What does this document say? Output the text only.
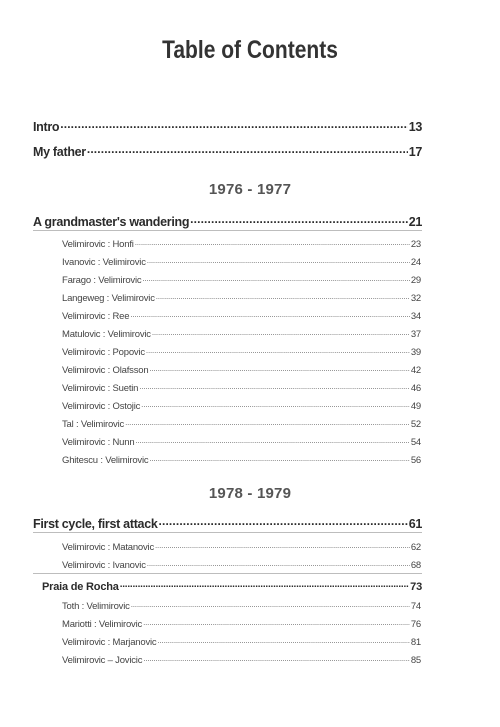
Table of Contents
Intro . . .	13
My father . . .	17
1976 - 1977
A grandmaster's wandering . . .	21
Velimirovic : Honfi . . .	23
Ivanovic : Velimirovic . . .	24
Farago : Velimirovic . . .	29
Langeweg : Velimirovic . . .	32
Velimirovic : Ree . . .	34
Matulovic : Velimirovic . . .	37
Velimirovic : Popovic . . .	39
Velimirovic : Olafsson . . .	42
Velimirovic : Suetin . . .	46
Velimirovic : Ostojic . . .	49
Tal : Velimirovic . . .	52
Velimirovic : Nunn . . .	54
Ghitescu : Velimirovic . . .	56
1978 - 1979
First cycle, first attack . . .	61
Velimirovic : Matanovic . . .	62
Velimirovic : Ivanovic . . .	68
Praia de Rocha . . .	73
Toth : Velimirovic . . .	74
Mariotti : Velimirovic . . .	76
Velimirovic : Marjanovic . . .	81
Velimirovic – Jovicic . . .	85
